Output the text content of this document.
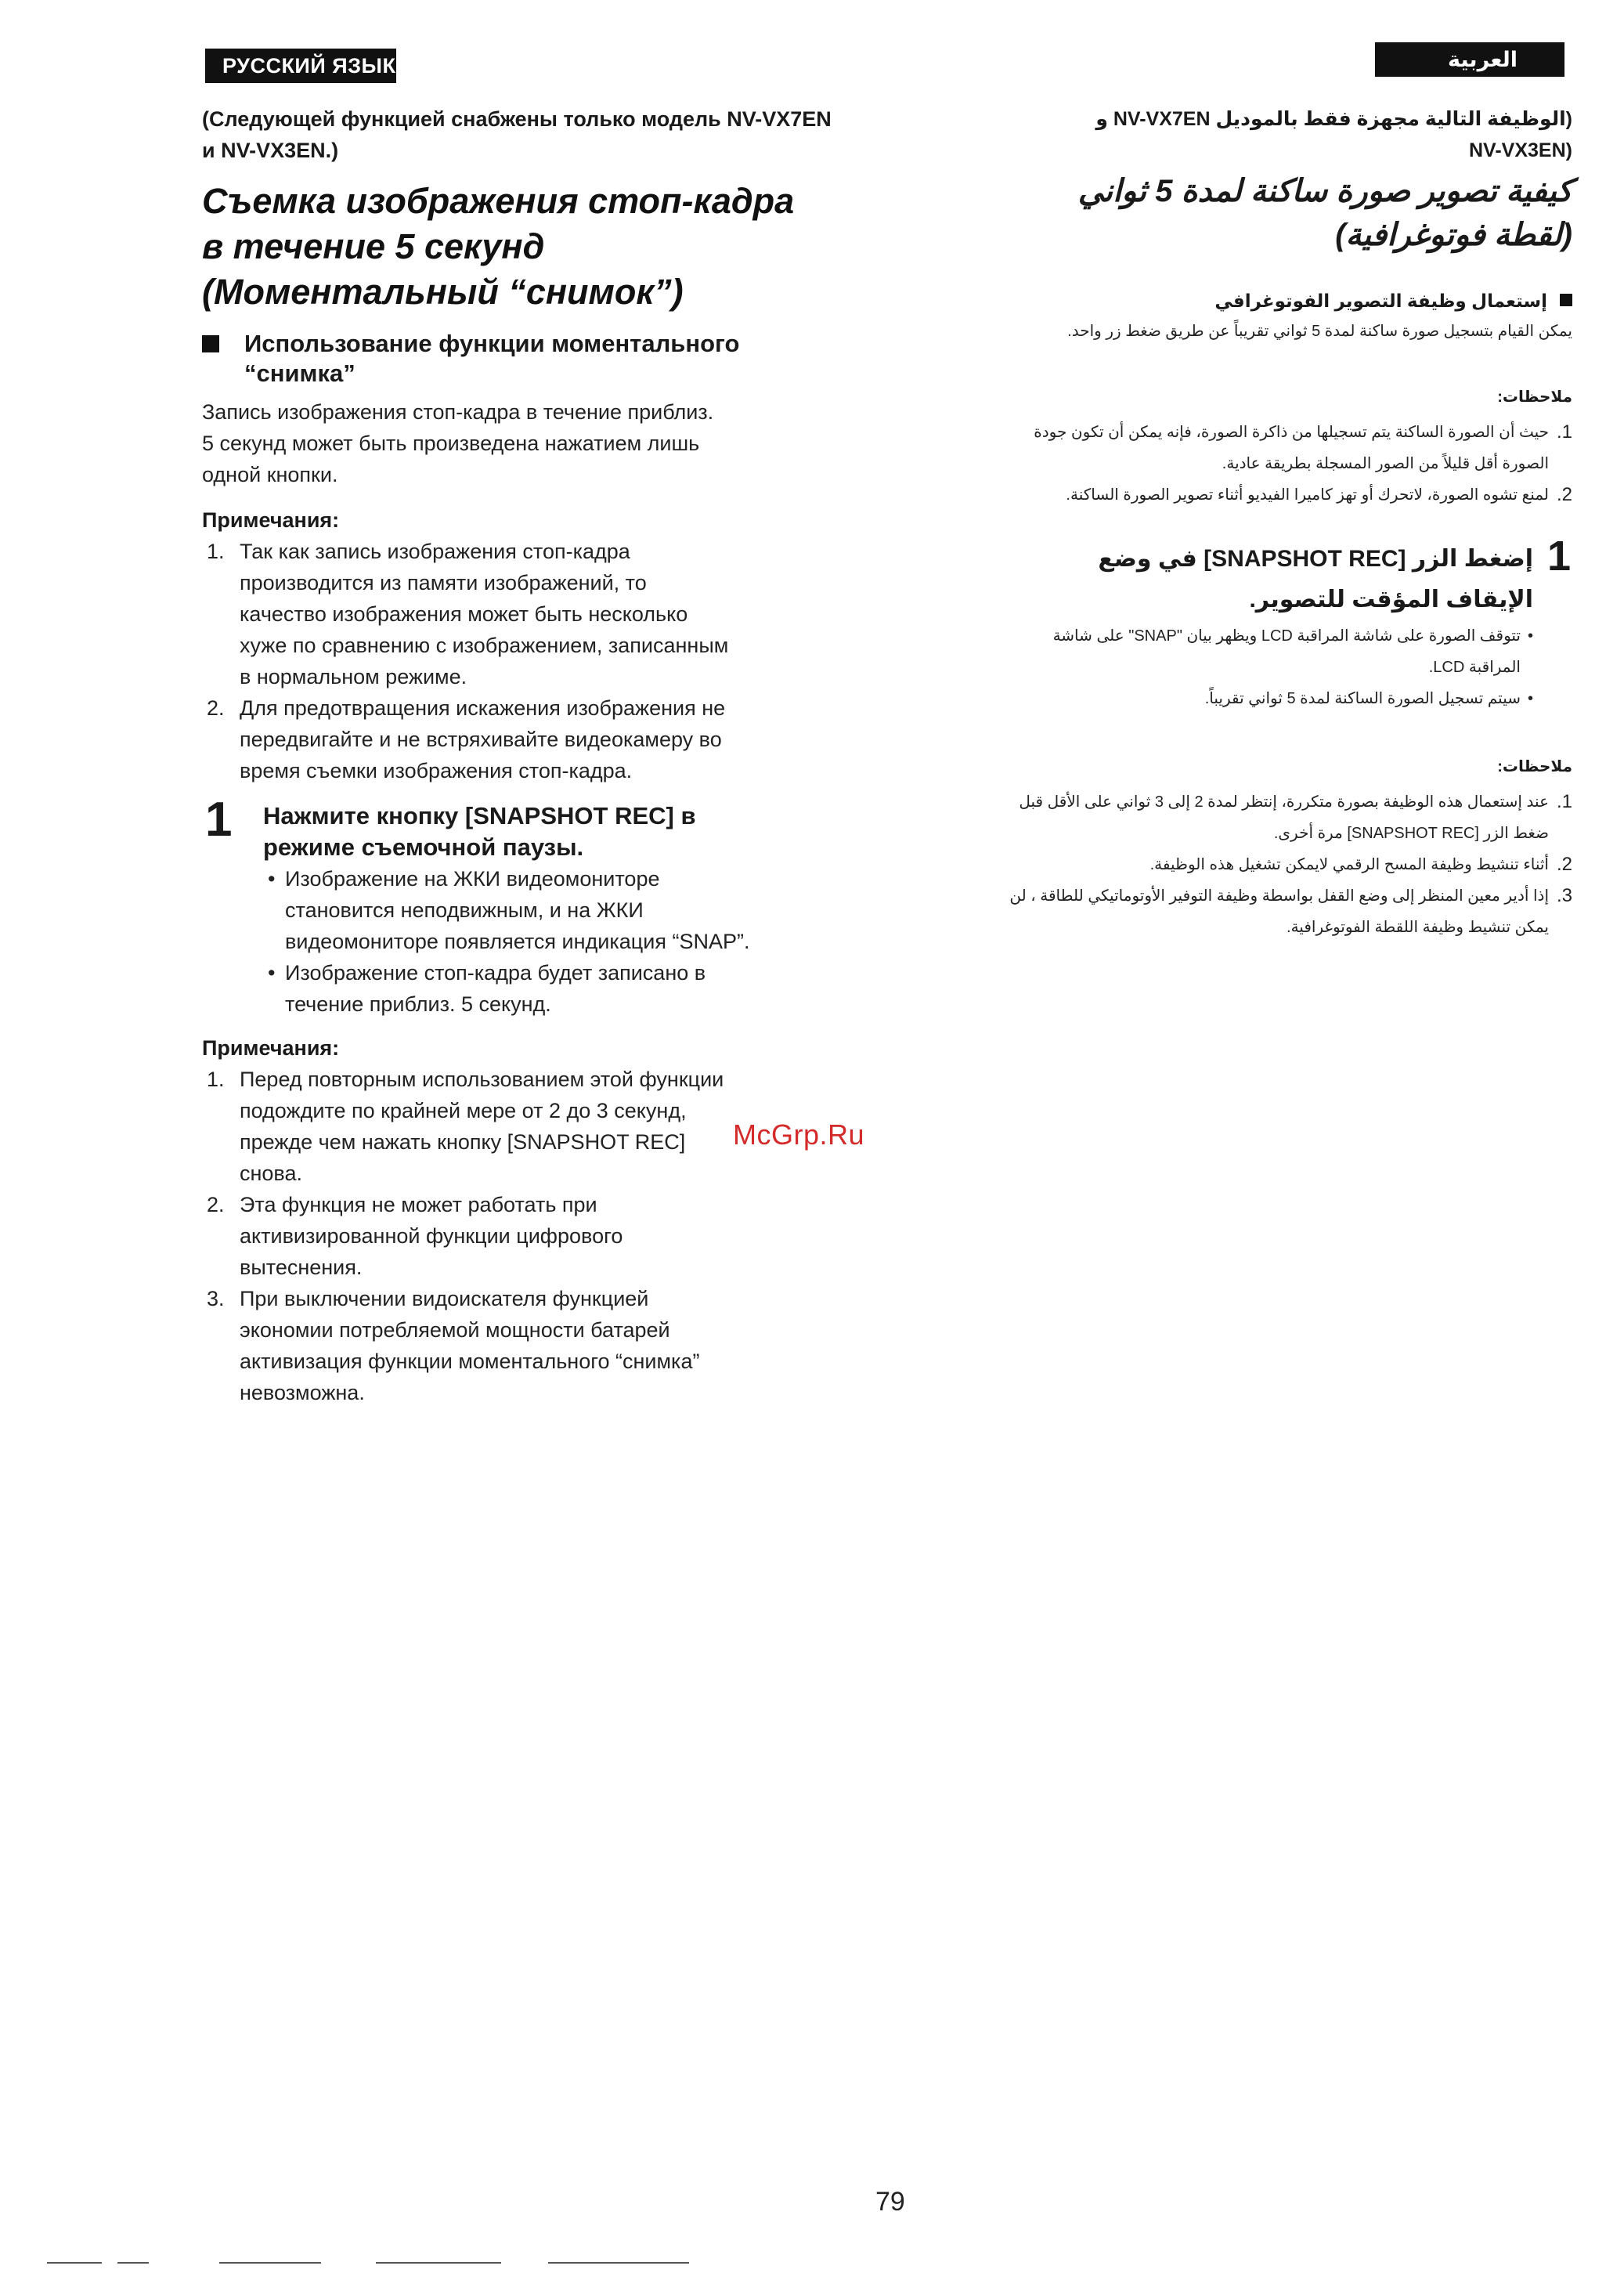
РУССКИЙ ЯЗЫК	العربية
(Следующей функцией снабжены только модель NV-VX7EN и NV-VX3EN.)
Съемка изображения стоп-кадра
в течение 5 секунд
(Моментальный “снимок”)
Использование функции моментального
“снимка”
Запись изображения стоп-кадра в течение приблиз.
5 секунд может быть произведена нажатием лишь
одной кнопки.
Примечания:
1. Так как запись изображения стоп-кадра
производится из памяти изображений, то
качество изображения может быть несколько
хуже по сравнению с изображением, записанным
в нормальном режиме.
2. Для предотвращения искажения изображения не
передвигайте и не встряхивайте видеокамеру во
время съемки изображения стоп-кадра.
1 Нажмите кнопку [SNAPSHOT REC] в
режиме съемочной паузы.
• Изображение на ЖКИ видеомониторе
становится неподвижным, и на ЖКИ
видеомониторе появляется индикация “SNAP”.
• Изображение стоп-кадра будет записано в
течение приблиз. 5 секунд.
Примечания:
1. Перед повторным использованием этой функции
подождите по крайней мере от 2 до 3 секунд,
прежде чем нажать кнопку [SNAPSHOT REC]
снова.
2. Эта функция не может работать при
активизированной функции цифрового
вытеснения.
3. При выключении видоискателя функцией
экономии потребляемой мощности батарей
активизация функции моментального “снимка”
невозможна.
(الوظيفة التالية مجهزة فقط بالموديل NV-VX7EN و
(NV-VX3EN
كيفية تصوير صورة ساكنة لمدة 5 ثواني
(لقطة فوتوغرافية)
إستعمال وظيفة التصوير الفوتوغرافي
يمكن القيام بتسجيل صورة ساكنة لمدة 5 ثواني تقريباً عن طريق ضغط زر واحد.
ملاحظات:
1.
حيث أن الصورة الساكنة يتم تسجيلها من ذاكرة الصورة، فإنه يمكن أن تكون جودة
الصورة أقل قليلاً من الصور المسجلة بطريقة عادية.
2.
لمنع تشوه الصورة، لاتحرك أو تهز كاميرا الفيديو أثناء تصوير الصورة الساكنة.
1
إضغط الزر [SNAPSHOT REC] في وضع
الإيقاف المؤقت للتصوير.
•
تتوقف الصورة على شاشة المراقبة LCD ويظهر بيان "SNAP" على شاشة
المراقبة LCD.
•
سيتم تسجيل الصورة الساكنة لمدة 5 ثواني تقريباً.
ملاحظات:
1.
عند إستعمال هذه الوظيفة بصورة متكررة، إنتظر لمدة 2 إلى 3 ثواني على الأقل قبل
ضغط الزر [SNAPSHOT REC] مرة أخرى.
2.
أثناء تنشيط وظيفة المسح الرقمي لايمكن تشغيل هذه الوظيفة.
3.
إذا أدير معين المنظر إلى وضع القفل بواسطة وظيفة التوفير الأوتوماتيكي للطاقة ، لن
يمكن تنشيط وظيفة اللقطة الفوتوغرافية.
McGrp.Ru
79
